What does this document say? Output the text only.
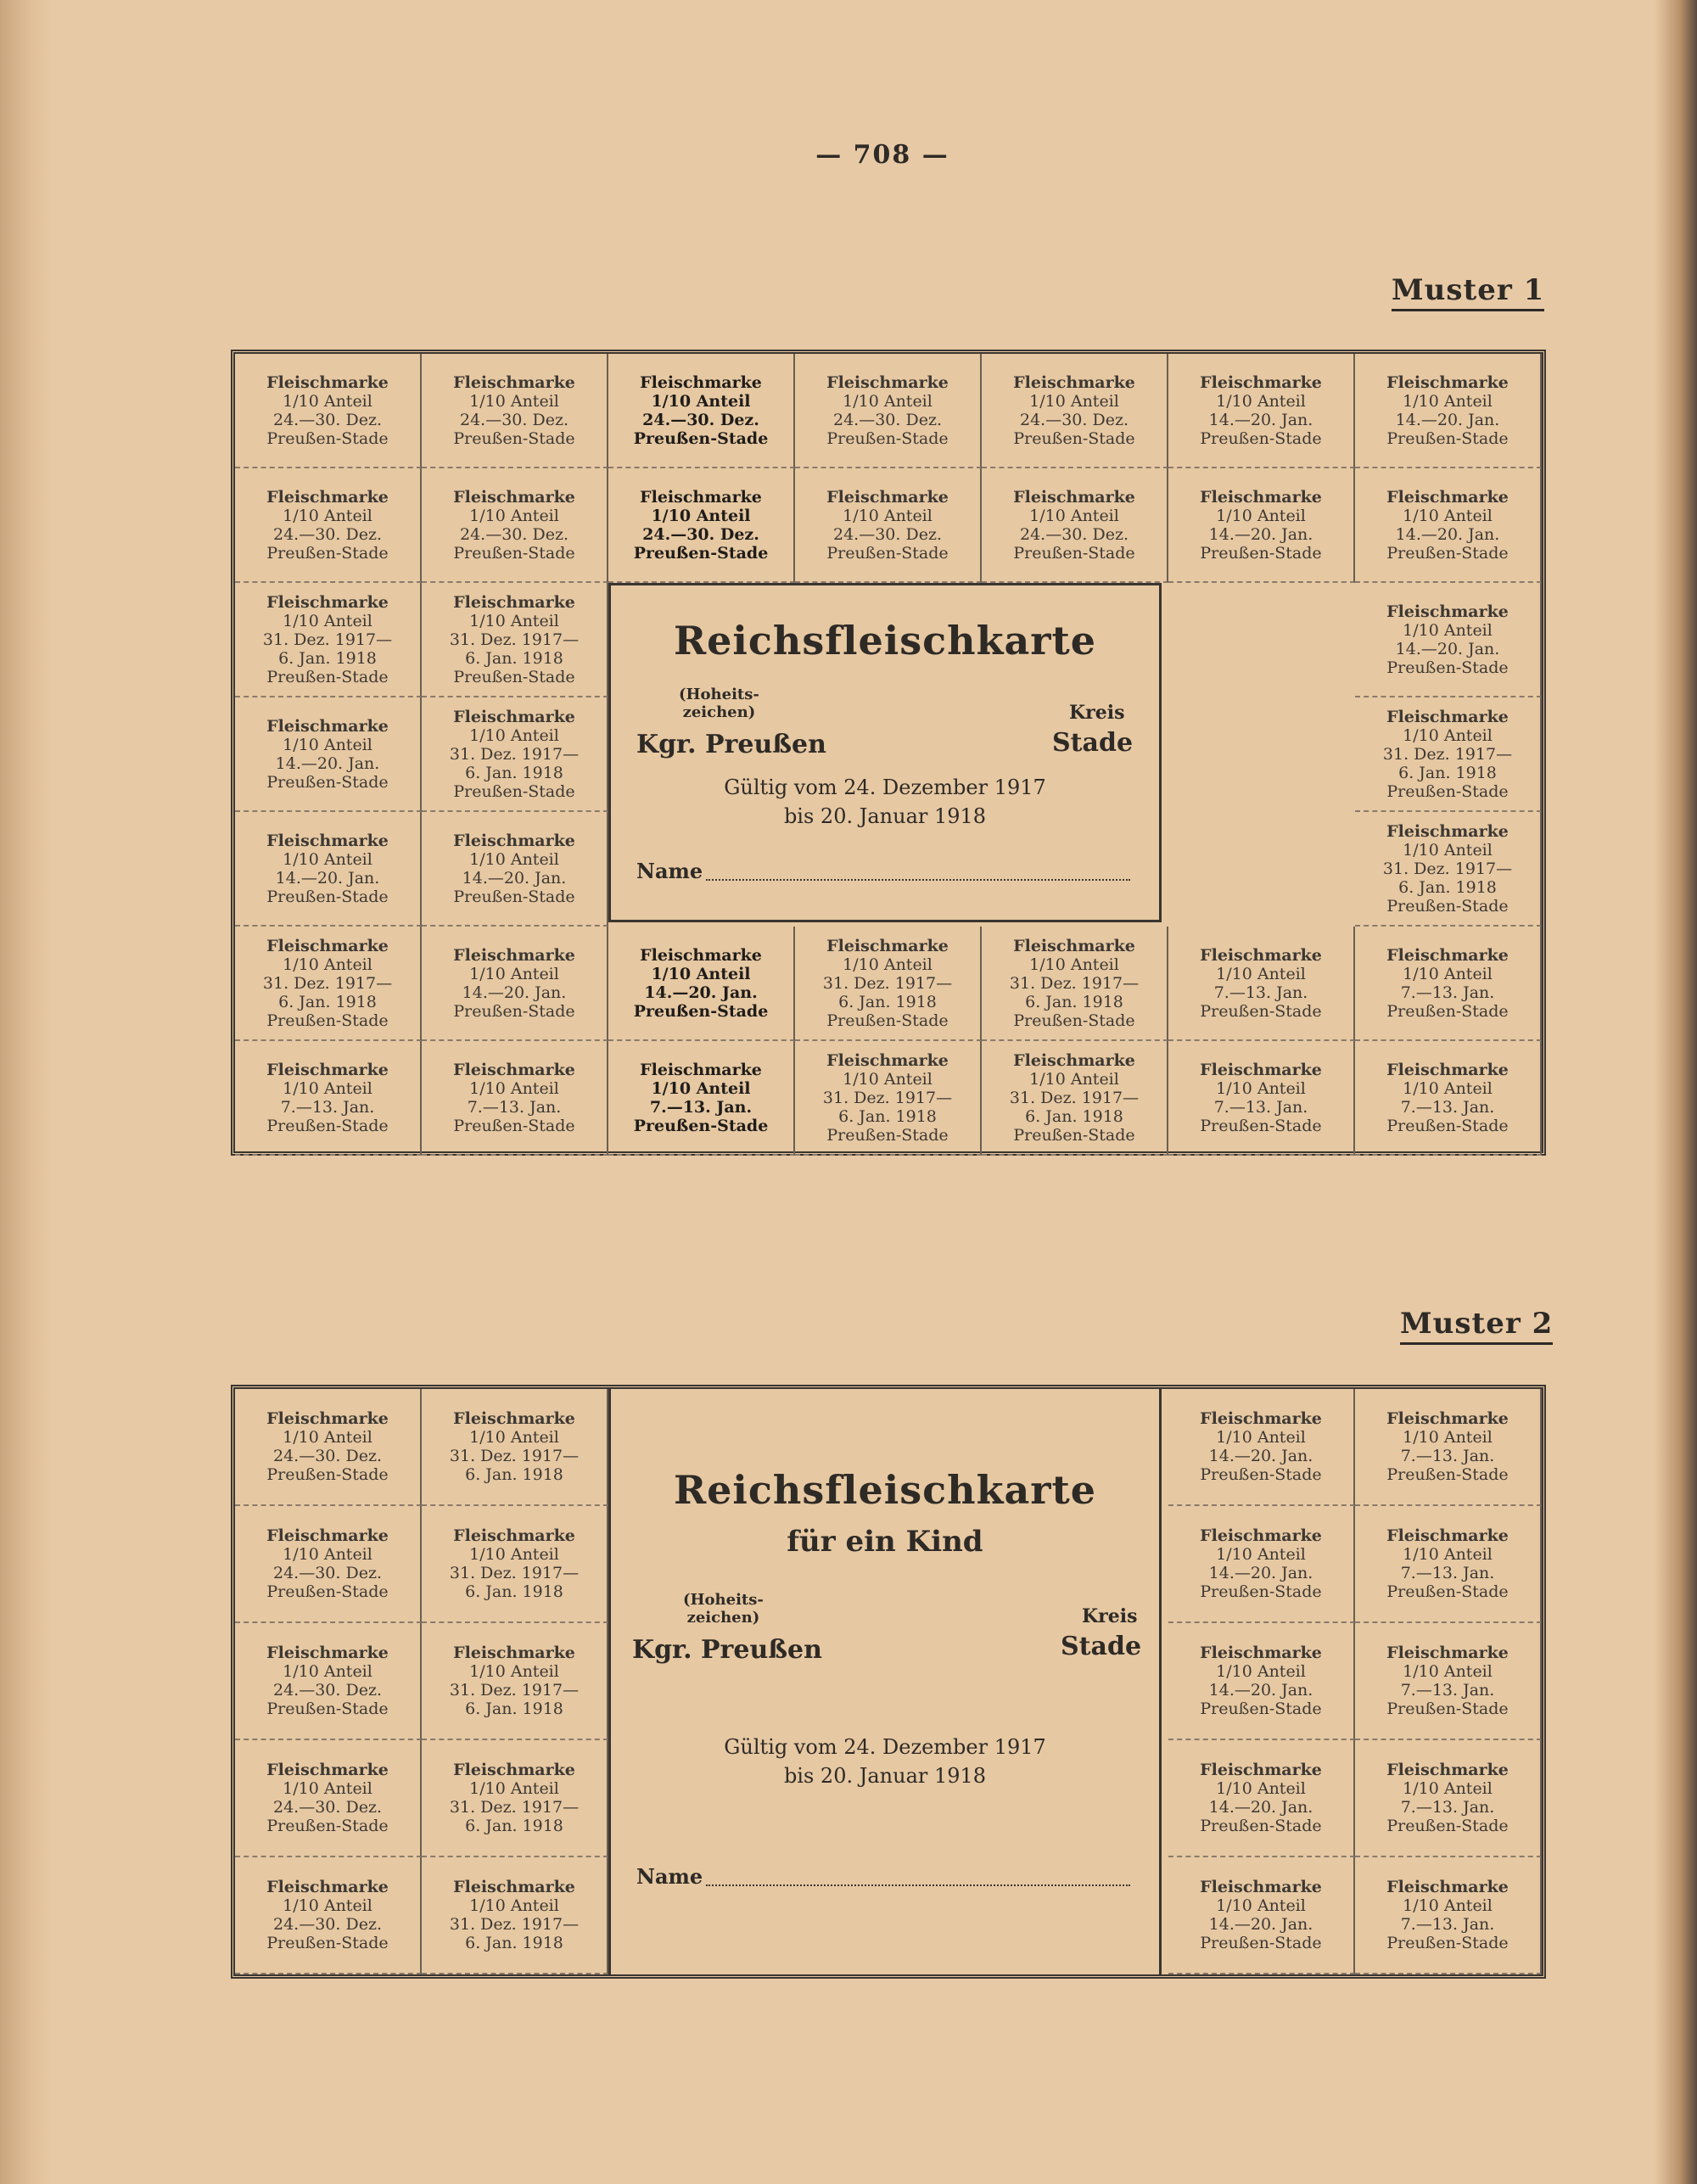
— 708 —
Muster 1
Reichsfleischkarte
(Hoheits-
zeichen)
Kgr. Preußen
Kreis
Stade
Gültig vom 24. Dezember 1917
bis 20. Januar 1918
Name
Fleischmarke
1/10 Anteil
24.—30. Dez.
Preußen-Stade
Fleischmarke
1/10 Anteil
24.—30. Dez.
Preußen-Stade
Fleischmarke
1/10 Anteil
24.—30. Dez.
Preußen-Stade
Fleischmarke
1/10 Anteil
24.—30. Dez.
Preußen-Stade
Fleischmarke
1/10 Anteil
24.—30. Dez.
Preußen-Stade
Fleischmarke
1/10 Anteil
14.—20. Jan.
Preußen-Stade
Fleischmarke
1/10 Anteil
14.—20. Jan.
Preußen-Stade
Fleischmarke
1/10 Anteil
24.—30. Dez.
Preußen-Stade
Fleischmarke
1/10 Anteil
24.—30. Dez.
Preußen-Stade
Fleischmarke
1/10 Anteil
24.—30. Dez.
Preußen-Stade
Fleischmarke
1/10 Anteil
24.—30. Dez.
Preußen-Stade
Fleischmarke
1/10 Anteil
24.—30. Dez.
Preußen-Stade
Fleischmarke
1/10 Anteil
14.—20. Jan.
Preußen-Stade
Fleischmarke
1/10 Anteil
14.—20. Jan.
Preußen-Stade
Fleischmarke
1/10 Anteil
31. Dez. 1917—
6. Jan. 1918
Preußen-Stade
Fleischmarke
1/10 Anteil
31. Dez. 1917—
6. Jan. 1918
Preußen-Stade
Fleischmarke
1/10 Anteil
14.—20. Jan.
Preußen-Stade
Fleischmarke
1/10 Anteil
14.—20. Jan.
Preußen-Stade
Fleischmarke
1/10 Anteil
31. Dez. 1917—
6. Jan. 1918
Preußen-Stade
Fleischmarke
1/10 Anteil
31. Dez. 1917—
6. Jan. 1918
Preußen-Stade
Fleischmarke
1/10 Anteil
14.—20. Jan.
Preußen-Stade
Fleischmarke
1/10 Anteil
14.—20. Jan.
Preußen-Stade
Fleischmarke
1/10 Anteil
31. Dez. 1917—
6. Jan. 1918
Preußen-Stade
Fleischmarke
1/10 Anteil
31. Dez. 1917—
6. Jan. 1918
Preußen-Stade
Fleischmarke
1/10 Anteil
14.—20. Jan.
Preußen-Stade
Fleischmarke
1/10 Anteil
14.—20. Jan.
Preußen-Stade
Fleischmarke
1/10 Anteil
31. Dez. 1917—
6. Jan. 1918
Preußen-Stade
Fleischmarke
1/10 Anteil
31. Dez. 1917—
6. Jan. 1918
Preußen-Stade
Fleischmarke
1/10 Anteil
7.—13. Jan.
Preußen-Stade
Fleischmarke
1/10 Anteil
7.—13. Jan.
Preußen-Stade
Fleischmarke
1/10 Anteil
7.—13. Jan.
Preußen-Stade
Fleischmarke
1/10 Anteil
7.—13. Jan.
Preußen-Stade
Fleischmarke
1/10 Anteil
7.—13. Jan.
Preußen-Stade
Fleischmarke
1/10 Anteil
31. Dez. 1917—
6. Jan. 1918
Preußen-Stade
Fleischmarke
1/10 Anteil
31. Dez. 1917—
6. Jan. 1918
Preußen-Stade
Fleischmarke
1/10 Anteil
7.—13. Jan.
Preußen-Stade
Fleischmarke
1/10 Anteil
7.—13. Jan.
Preußen-Stade
Muster 2
Reichsfleischkarte
für ein Kind
(Hoheits-
zeichen)
Kgr. Preußen
Kreis
Stade
Gültig vom 24. Dezember 1917
bis 20. Januar 1918
Name
Fleischmarke
1/10 Anteil
24.—30. Dez.
Preußen-Stade
Fleischmarke
1/10 Anteil
31. Dez. 1917—
6. Jan. 1918
Fleischmarke
1/10 Anteil
14.—20. Jan.
Preußen-Stade
Fleischmarke
1/10 Anteil
7.—13. Jan.
Preußen-Stade
Fleischmarke
1/10 Anteil
24.—30. Dez.
Preußen-Stade
Fleischmarke
1/10 Anteil
31. Dez. 1917—
6. Jan. 1918
Fleischmarke
1/10 Anteil
14.—20. Jan.
Preußen-Stade
Fleischmarke
1/10 Anteil
7.—13. Jan.
Preußen-Stade
Fleischmarke
1/10 Anteil
24.—30. Dez.
Preußen-Stade
Fleischmarke
1/10 Anteil
31. Dez. 1917—
6. Jan. 1918
Fleischmarke
1/10 Anteil
14.—20. Jan.
Preußen-Stade
Fleischmarke
1/10 Anteil
7.—13. Jan.
Preußen-Stade
Fleischmarke
1/10 Anteil
24.—30. Dez.
Preußen-Stade
Fleischmarke
1/10 Anteil
31. Dez. 1917—
6. Jan. 1918
Fleischmarke
1/10 Anteil
14.—20. Jan.
Preußen-Stade
Fleischmarke
1/10 Anteil
7.—13. Jan.
Preußen-Stade
Fleischmarke
1/10 Anteil
24.—30. Dez.
Preußen-Stade
Fleischmarke
1/10 Anteil
31. Dez. 1917—
6. Jan. 1918
Fleischmarke
1/10 Anteil
14.—20. Jan.
Preußen-Stade
Fleischmarke
1/10 Anteil
7.—13. Jan.
Preußen-Stade
